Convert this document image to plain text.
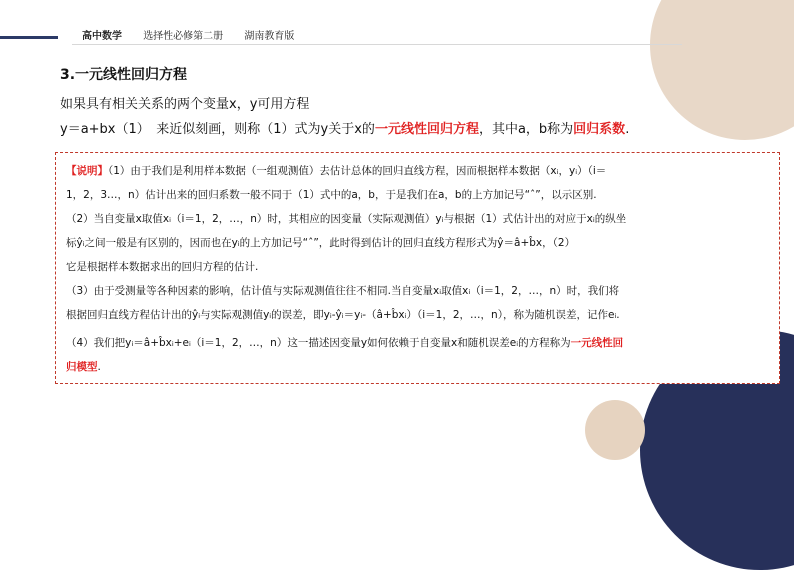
高中数学 选择性必修第二册 湖南教育版
3.一元线性回归方程
如果具有相关关系的两个变量x，y可用方程
y＝a+bx（1）　来近似刻画，则称（1）式为y关于x的一元线性回归方程，其中a，b称为回归系数.
【说明】（1）由于我们是利用样本数据（一组观测值）去估计总体的回归直线方程，因而根据样本数据（xᵢ，yᵢ）（i＝
1，2，3…，n）估计出来的回归系数一般不同于（1）式中的a，b，于是我们在a，b的上方加记号“ˆ”，以示区别.
（2）当自变量x取值xᵢ（i＝1，2，…，n）时，其相应的因变量（实际观测值）yᵢ与根据（1）式估计出的对应于xᵢ的纵坐
标ŷᵢ之间一般是有区别的，因而也在yᵢ的上方加记号“ˆ”，此时得到估计的回归直线方程形式为ŷ＝â+b̂x，（2）
它是根据样本数据求出的回归方程的估计.
（3）由于受测量等各种因素的影响，估计值与实际观测值往往不相同.当自变量xᵢ取值xᵢ（i＝1，2，…，n）时，我们将
根据回归直线方程估计出的ŷᵢ与实际观测值yᵢ的误差，即yᵢ-ŷᵢ＝yᵢ-（â+b̂xᵢ）（i＝1，2，…，n），称为随机误差，记作eᵢ.
（4）我们把yᵢ＝â+b̂xᵢ+eᵢ（i＝1，2，…，n）这一描述因变量y如何依赖于自变量x和随机误差eᵢ的方程称为一元线性回
归模型.
